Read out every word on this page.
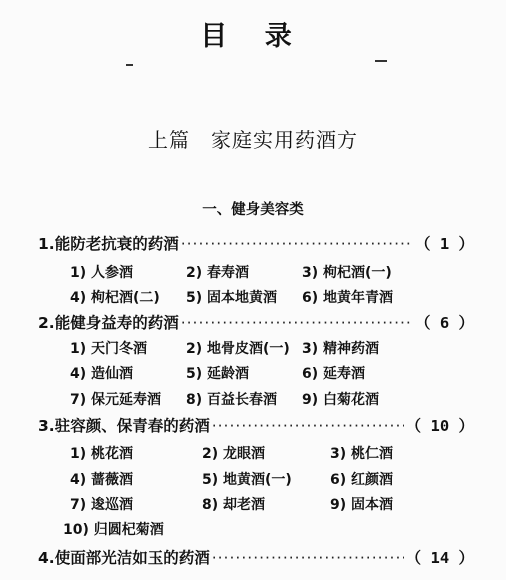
目 录
上篇　家庭实用药酒方
一、健身美容类
1. 能防老抗衰的药酒 ·····	（ 1 ）
1) 人参酒	2) 春寿酒	3) 枸杞酒(一)
4) 枸杞酒(二) 5) 固本地黄酒 6) 地黄年青酒
2. 能健身益寿的药酒 ·····	（ 6 ）
1) 天门冬酒	2) 地骨皮酒(一) 3) 精神药酒
4) 造仙酒	5) 延龄酒	6) 延寿酒
7) 保元延寿酒 8) 百益长春酒 9) 白菊花酒
3. 驻容颜、保青春的药酒 ·····	（ 10 ）
1) 桃花酒	2) 龙眼酒	3) 桃仁酒
4) 蔷薇酒	5) 地黄酒(一)	6) 红颜酒
7) 逡巡酒	8) 却老酒	9) 固本酒
10) 归圆杞菊酒
4. 使面部光洁如玉的药酒 ·····	（ 14 ）
